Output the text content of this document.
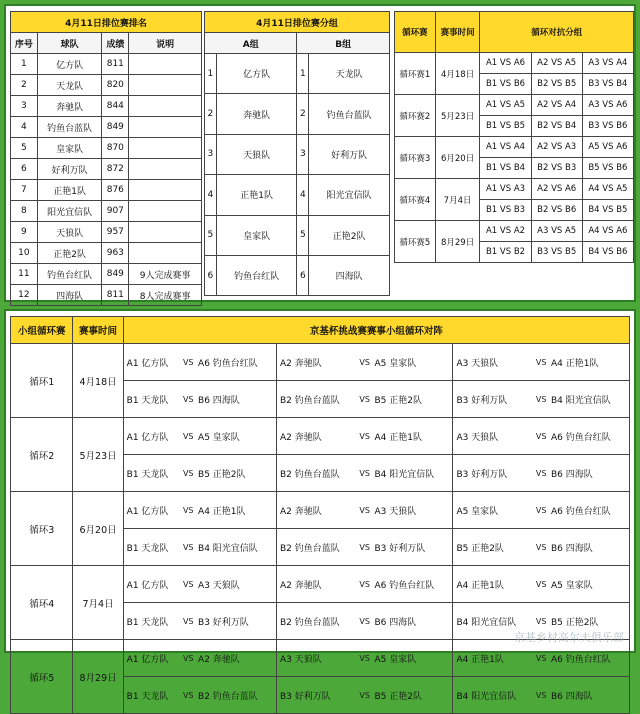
4月11日排位赛排名			
序号	球队	成绩	说明
1	亿方队	811	
2	天龙队	820	
3	奔驰队	844	
4	钓鱼台蓝队	849	
5	皇家队	870	
6	好利万队	872	
7	正艳1队	876	
8	阳光宜信队	907	
9	天狼队	957	
10	正艳2队	963	
11	钓鱼台红队	849	9人完成赛事
12	四海队	811	8人完成赛事
4月11日排位赛分组			
A组		B组	
1	亿方队	1	天龙队
2	奔驰队	2	钓鱼台蓝队
3	天狼队	3	好利万队
4	正艳1队	4	阳光宜信队
5	皇家队	5	正艳2队
6	钓鱼台红队	6	四海队
循环赛	赛事时间	循环对抗分组		
循环赛1	4月18日	A1 VS A6	A2 VS A5	A3 VS A4
		B1 VS B6	B2 VS B5	B3 VS B4
循环赛2	5月23日	A1 VS A5	A2 VS A4	A3 VS A6
		B1 VS B5	B2 VS B4	B3 VS B6
循环赛3	6月20日	A1 VS A4	A2 VS A3	A5 VS A6
		B1 VS B4	B2 VS B3	B5 VS B6
循环赛4	7月4日	A1 VS A3	A2 VS A6	A4 VS A5
		B1 VS B3	B2 VS B6	B4 VS B5
循环赛5	8月29日	A1 VS A2	A3 VS A5	A4 VS A6
		B1 VS B2	B3 VS B5	B4 VS B6
小组循环赛	赛事时间	京基杯挑战赛赛事小组循环对阵								
循环1	4月18日	A1 亿方队	VS	A6 钓鱼台红队	A2 奔驰队	VS	A5 皇家队	A3 天狼队	VS	A4 正艳1队
		B1 天龙队	VS	B6 四海队	B2 钓鱼台蓝队	VS	B5 正艳2队	B3 好利万队	VS	B4 阳光宜信队
循环2	5月23日	A1 亿方队	VS	A5 皇家队	A2 奔驰队	VS	A4 正艳1队	A3 天狼队	VS	A6 钓鱼台红队
		B1 天龙队	VS	B5 正艳2队	B2 钓鱼台蓝队	VS	B4 阳光宜信队	B3 好利万队	VS	B6 四海队
循环3	6月20日	A1 亿方队	VS	A4 正艳1队	A2 奔驰队	VS	A3 天狼队	A5 皇家队	VS	A6 钓鱼台红队
		B1 天龙队	VS	B4 阳光宜信队	B2 钓鱼台蓝队	VS	B3 好利万队	B5 正艳2队	VS	B6 四海队
循环4	7月4日	A1 亿方队	VS	A3 天狼队	A2 奔驰队	VS	A6 钓鱼台红队	A4 正艳1队	VS	A5 皇家队
		B1 天龙队	VS	B3 好利万队	B2 钓鱼台蓝队	VS	B6 四海队	B4 阳光宜信队	VS	B5 正艳2队
循环5	8月29日	A1 亿方队	VS	A2 奔驰队	A3 天狼队	VS	A5 皇家队	A4 正艳1队	VS	A6 钓鱼台红队
		B1 天龙队	VS	B2 钓鱼台蓝队	B3 好利万队	VS	B5 正艳2队	B4 阳光宜信队	VS	B6 四海队
京基乡村高尔夫俱乐部
